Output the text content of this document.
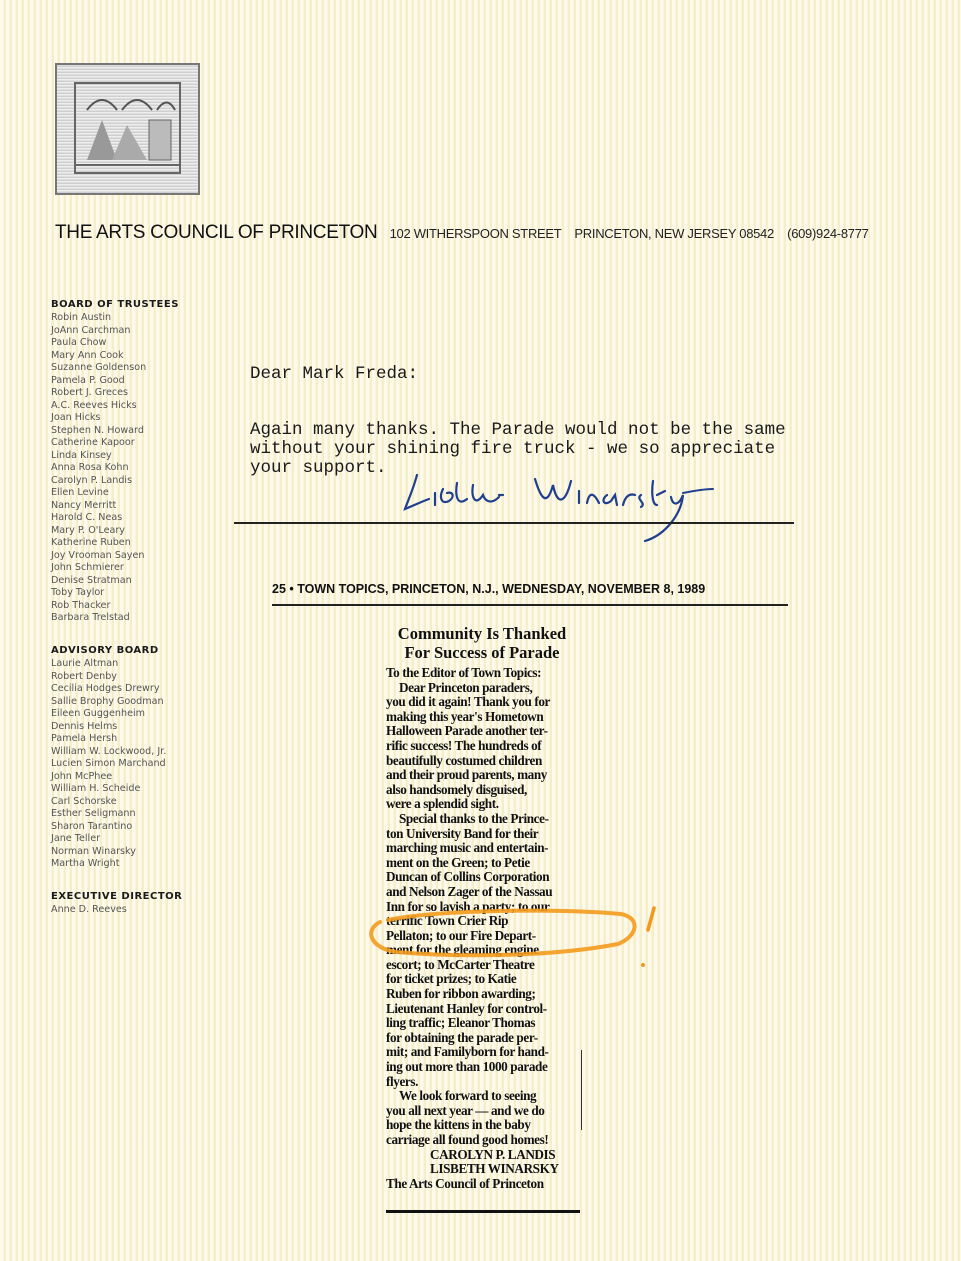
THE ARTS COUNCIL OF PRINCETON 102 WITHERSPOON STREET    PRINCETON, NEW JERSEY 08542    (609)924-8777
BOARD OF TRUSTEES
Robin Austin
JoAnn Carchman
Paula Chow
Mary Ann Cook
Suzanne Goldenson
Pamela P. Good
Robert J. Greces
A.C. Reeves Hicks
Joan Hicks
Stephen N. Howard
Catherine Kapoor
Linda Kinsey
Anna Rosa Kohn
Carolyn P. Landis
Ellen Levine
Nancy Merritt
Harold C. Neas
Mary P. O'Leary
Katherine Ruben
Joy Vrooman Sayen
John Schmierer
Denise Stratman
Toby Taylor
Rob Thacker
Barbara Trelstad
ADVISORY BOARD
Laurie Altman
Robert Denby
Cecilia Hodges Drewry
Sallie Brophy Goodman
Eileen Guggenheim
Dennis Helms
Pamela Hersh
William W. Lockwood, Jr.
Lucien Simon Marchand
John McPhee
William H. Scheide
Carl Schorske
Esther Seligmann
Sharon Tarantino
Jane Teller
Norman Winarsky
Martha Wright
EXECUTIVE DIRECTOR
Anne D. Reeves
Dear Mark Freda:
Again many thanks. The Parade would not be the same
without your shining fire truck - we so appreciate
your support.
25 • TOWN TOPICS, PRINCETON, N.J., WEDNESDAY, NOVEMBER 8, 1989
Community Is Thanked
For Success of Parade
To the Editor of Town Topics:
Dear Princeton paraders,
you did it again! Thank you for
making this year's Hometown
Halloween Parade another ter-
rific success! The hundreds of
beautifully costumed children
and their proud parents, many
also handsomely disguised,
were a splendid sight.
Special thanks to the Prince-
ton University Band for their
marching music and entertain-
ment on the Green; to Petie
Duncan of Collins Corporation
and Nelson Zager of the Nassau
Inn for so lavish a party; to our
terrific Town Crier Rip
Pellaton; to our Fire Depart-
ment for the gleaming engine
escort; to McCarter Theatre
for ticket prizes; to Katie
Ruben for ribbon awarding;
Lieutenant Hanley for control-
ling traffic; Eleanor Thomas
for obtaining the parade per-
mit; and Familyborn for hand-
ing out more than 1000 parade
flyers.
We look forward to seeing
you all next year — and we do
hope the kittens in the baby
carriage all found good homes!
CAROLYN P. LANDIS
LISBETH WINARSKY
The Arts Council of Princeton
